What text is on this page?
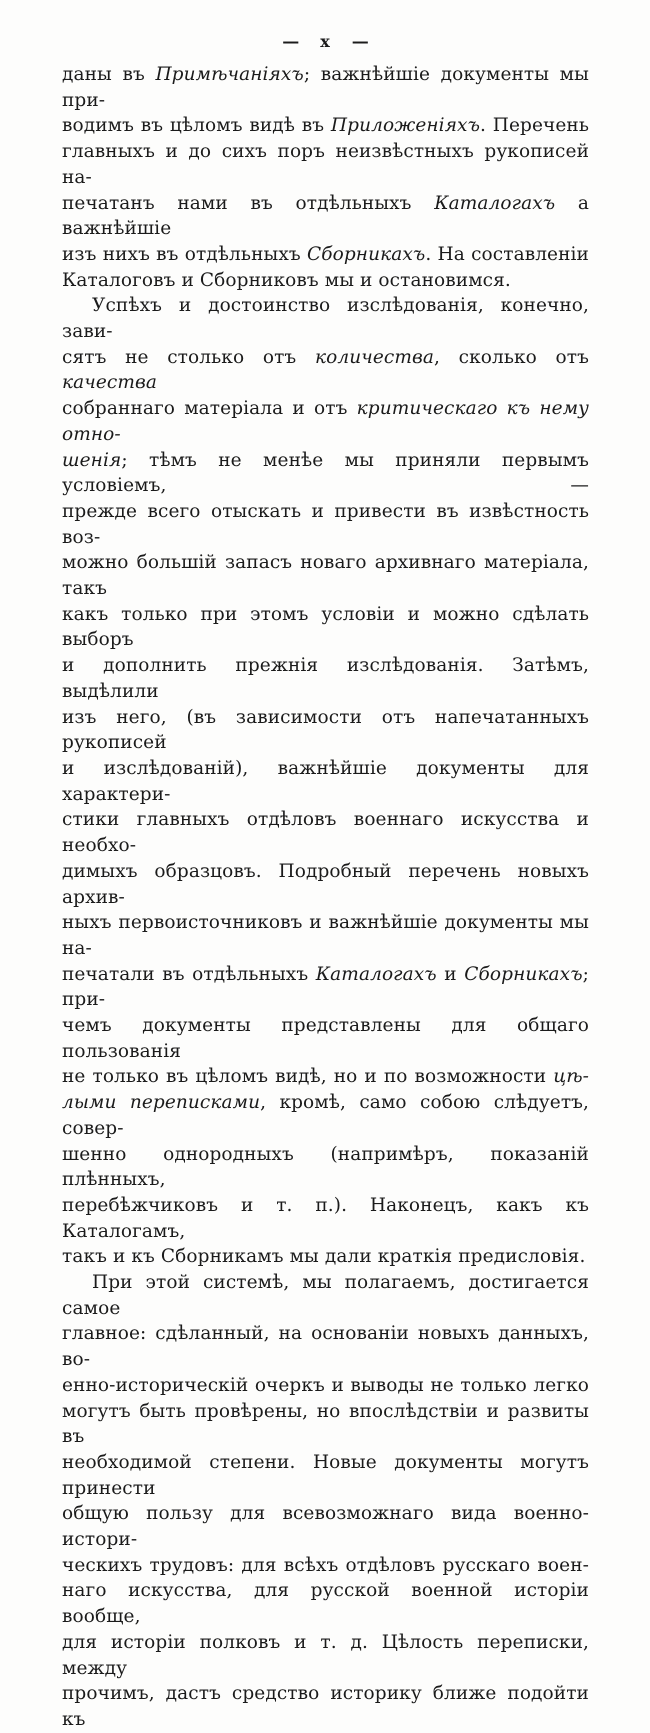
— x —
даны въ Примѣчаніяхъ; важнѣйшіе документы мы при-
водимъ въ цѣломъ видѣ въ Приложеніяхъ. Перечень
главныхъ и до сихъ поръ неизвѣстныхъ рукописей на-
печатанъ нами въ отдѣльныхъ Каталогахъ а важнѣйшіе
изъ нихъ въ отдѣльныхъ Сборникахъ. На составленіи
Каталоговъ и Сборниковъ мы и остановимся.
Успѣхъ и достоинство изслѣдованія, конечно, зави-
сятъ не столько отъ количества, сколько отъ качества
собраннаго матеріала и отъ критическаго къ нему отно-
шенія; тѣмъ не менѣе мы приняли первымъ условіемъ, —
прежде всего отыскать и привести въ извѣстность воз-
можно большій запасъ новаго архивнаго матеріала, такъ
какъ только при этомъ условіи и можно сдѣлать выборъ
и дополнить прежнія изслѣдованія. Затѣмъ, выдѣлили
изъ него, (въ зависимости отъ напечатанныхъ рукописей
и изслѣдованій), важнѣйшіе документы для характери-
стики главныхъ отдѣловъ военнаго искусства и необхо-
димыхъ образцовъ. Подробный перечень новыхъ архив-
ныхъ первоисточниковъ и важнѣйшіе документы мы на-
печатали въ отдѣльныхъ Каталогахъ и Сборникахъ; при-
чемъ документы представлены для общаго пользованія
не только въ цѣломъ видѣ, но и по возможности цѣ-
лыми переписками, кромѣ, само собою слѣдуетъ, совер-
шенно однородныхъ (напримѣръ, показаній плѣнныхъ,
перебѣжчиковъ и т. п.). Наконецъ, какъ къ Каталогамъ,
такъ и къ Сборникамъ мы дали краткія предисловія.
При этой системѣ, мы полагаемъ, достигается самое
главное: сдѣланный, на основаніи новыхъ данныхъ, во-
енно-историческій очеркъ и выводы не только легко
могутъ быть провѣрены, но впослѣдствіи и развиты въ
необходимой степени. Новые документы могутъ принести
общую пользу для всевозможнаго вида военно-истори-
ческихъ трудовъ: для всѣхъ отдѣловъ русскаго воен-
наго искусства, для русской военной исторіи вообще,
для исторіи полковъ и т. д. Цѣлость переписки, между
прочимъ, дастъ средство историку ближе подойти къ
